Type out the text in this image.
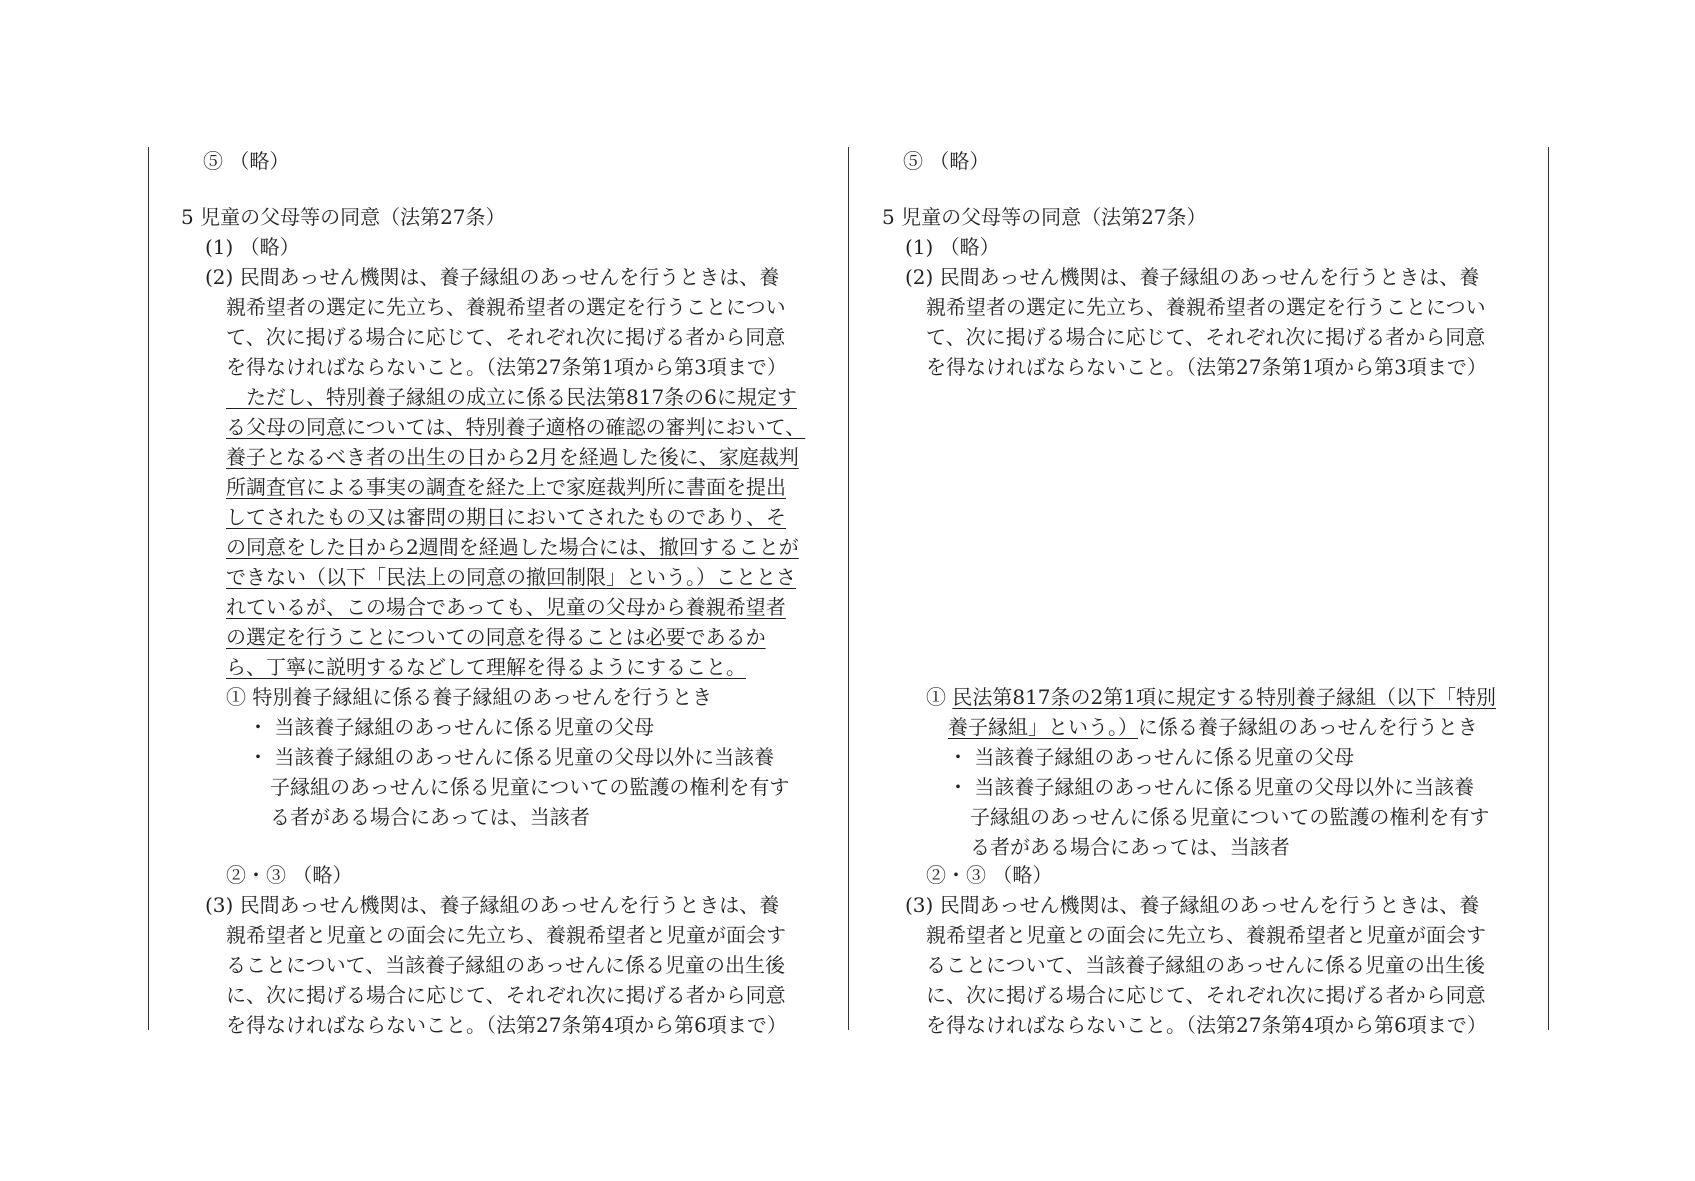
⑤ （略）
5 児童の父母等の同意（法第27条）
(1) （略）
(2) 民間あっせん機関は、養子縁組のあっせんを行うときは、養
親希望者の選定に先立ち、養親希望者の選定を行うことについ
て、次に掲げる場合に応じて、それぞれ次に掲げる者から同意
を得なければならないこと。（法第27条第1項から第3項まで）
　ただし、特別養子縁組の成立に係る民法第817条の6に規定す
る父母の同意については、特別養子適格の確認の審判において、
養子となるべき者の出生の日から2月を経過した後に、家庭裁判
所調査官による事実の調査を経た上で家庭裁判所に書面を提出
してされたもの又は審問の期日においてされたものであり、そ
の同意をした日から2週間を経過した場合には、撤回することが
できない（以下「民法上の同意の撤回制限」という。）こととさ
れているが、この場合であっても、児童の父母から養親希望者
の選定を行うことについての同意を得ることは必要であるか
ら、丁寧に説明するなどして理解を得るようにすること。
① 特別養子縁組に係る養子縁組のあっせんを行うとき
・ 当該養子縁組のあっせんに係る児童の父母
・ 当該養子縁組のあっせんに係る児童の父母以外に当該養
子縁組のあっせんに係る児童についての監護の権利を有す
る者がある場合にあっては、当該者
②・③ （略）
(3) 民間あっせん機関は、養子縁組のあっせんを行うときは、養
親希望者と児童との面会に先立ち、養親希望者と児童が面会す
ることについて、当該養子縁組のあっせんに係る児童の出生後
に、次に掲げる場合に応じて、それぞれ次に掲げる者から同意
を得なければならないこと。（法第27条第4項から第6項まで）
⑤ （略）
5 児童の父母等の同意（法第27条）
(1) （略）
(2) 民間あっせん機関は、養子縁組のあっせんを行うときは、養
親希望者の選定に先立ち、養親希望者の選定を行うことについ
て、次に掲げる場合に応じて、それぞれ次に掲げる者から同意
を得なければならないこと。（法第27条第1項から第3項まで）
① 民法第817条の2第1項に規定する特別養子縁組（以下「特別
養子縁組」という。）に係る養子縁組のあっせんを行うとき
・ 当該養子縁組のあっせんに係る児童の父母
・ 当該養子縁組のあっせんに係る児童の父母以外に当該養
子縁組のあっせんに係る児童についての監護の権利を有す
る者がある場合にあっては、当該者
②・③ （略）
(3) 民間あっせん機関は、養子縁組のあっせんを行うときは、養
親希望者と児童との面会に先立ち、養親希望者と児童が面会す
ることについて、当該養子縁組のあっせんに係る児童の出生後
に、次に掲げる場合に応じて、それぞれ次に掲げる者から同意
を得なければならないこと。（法第27条第4項から第6項まで）
